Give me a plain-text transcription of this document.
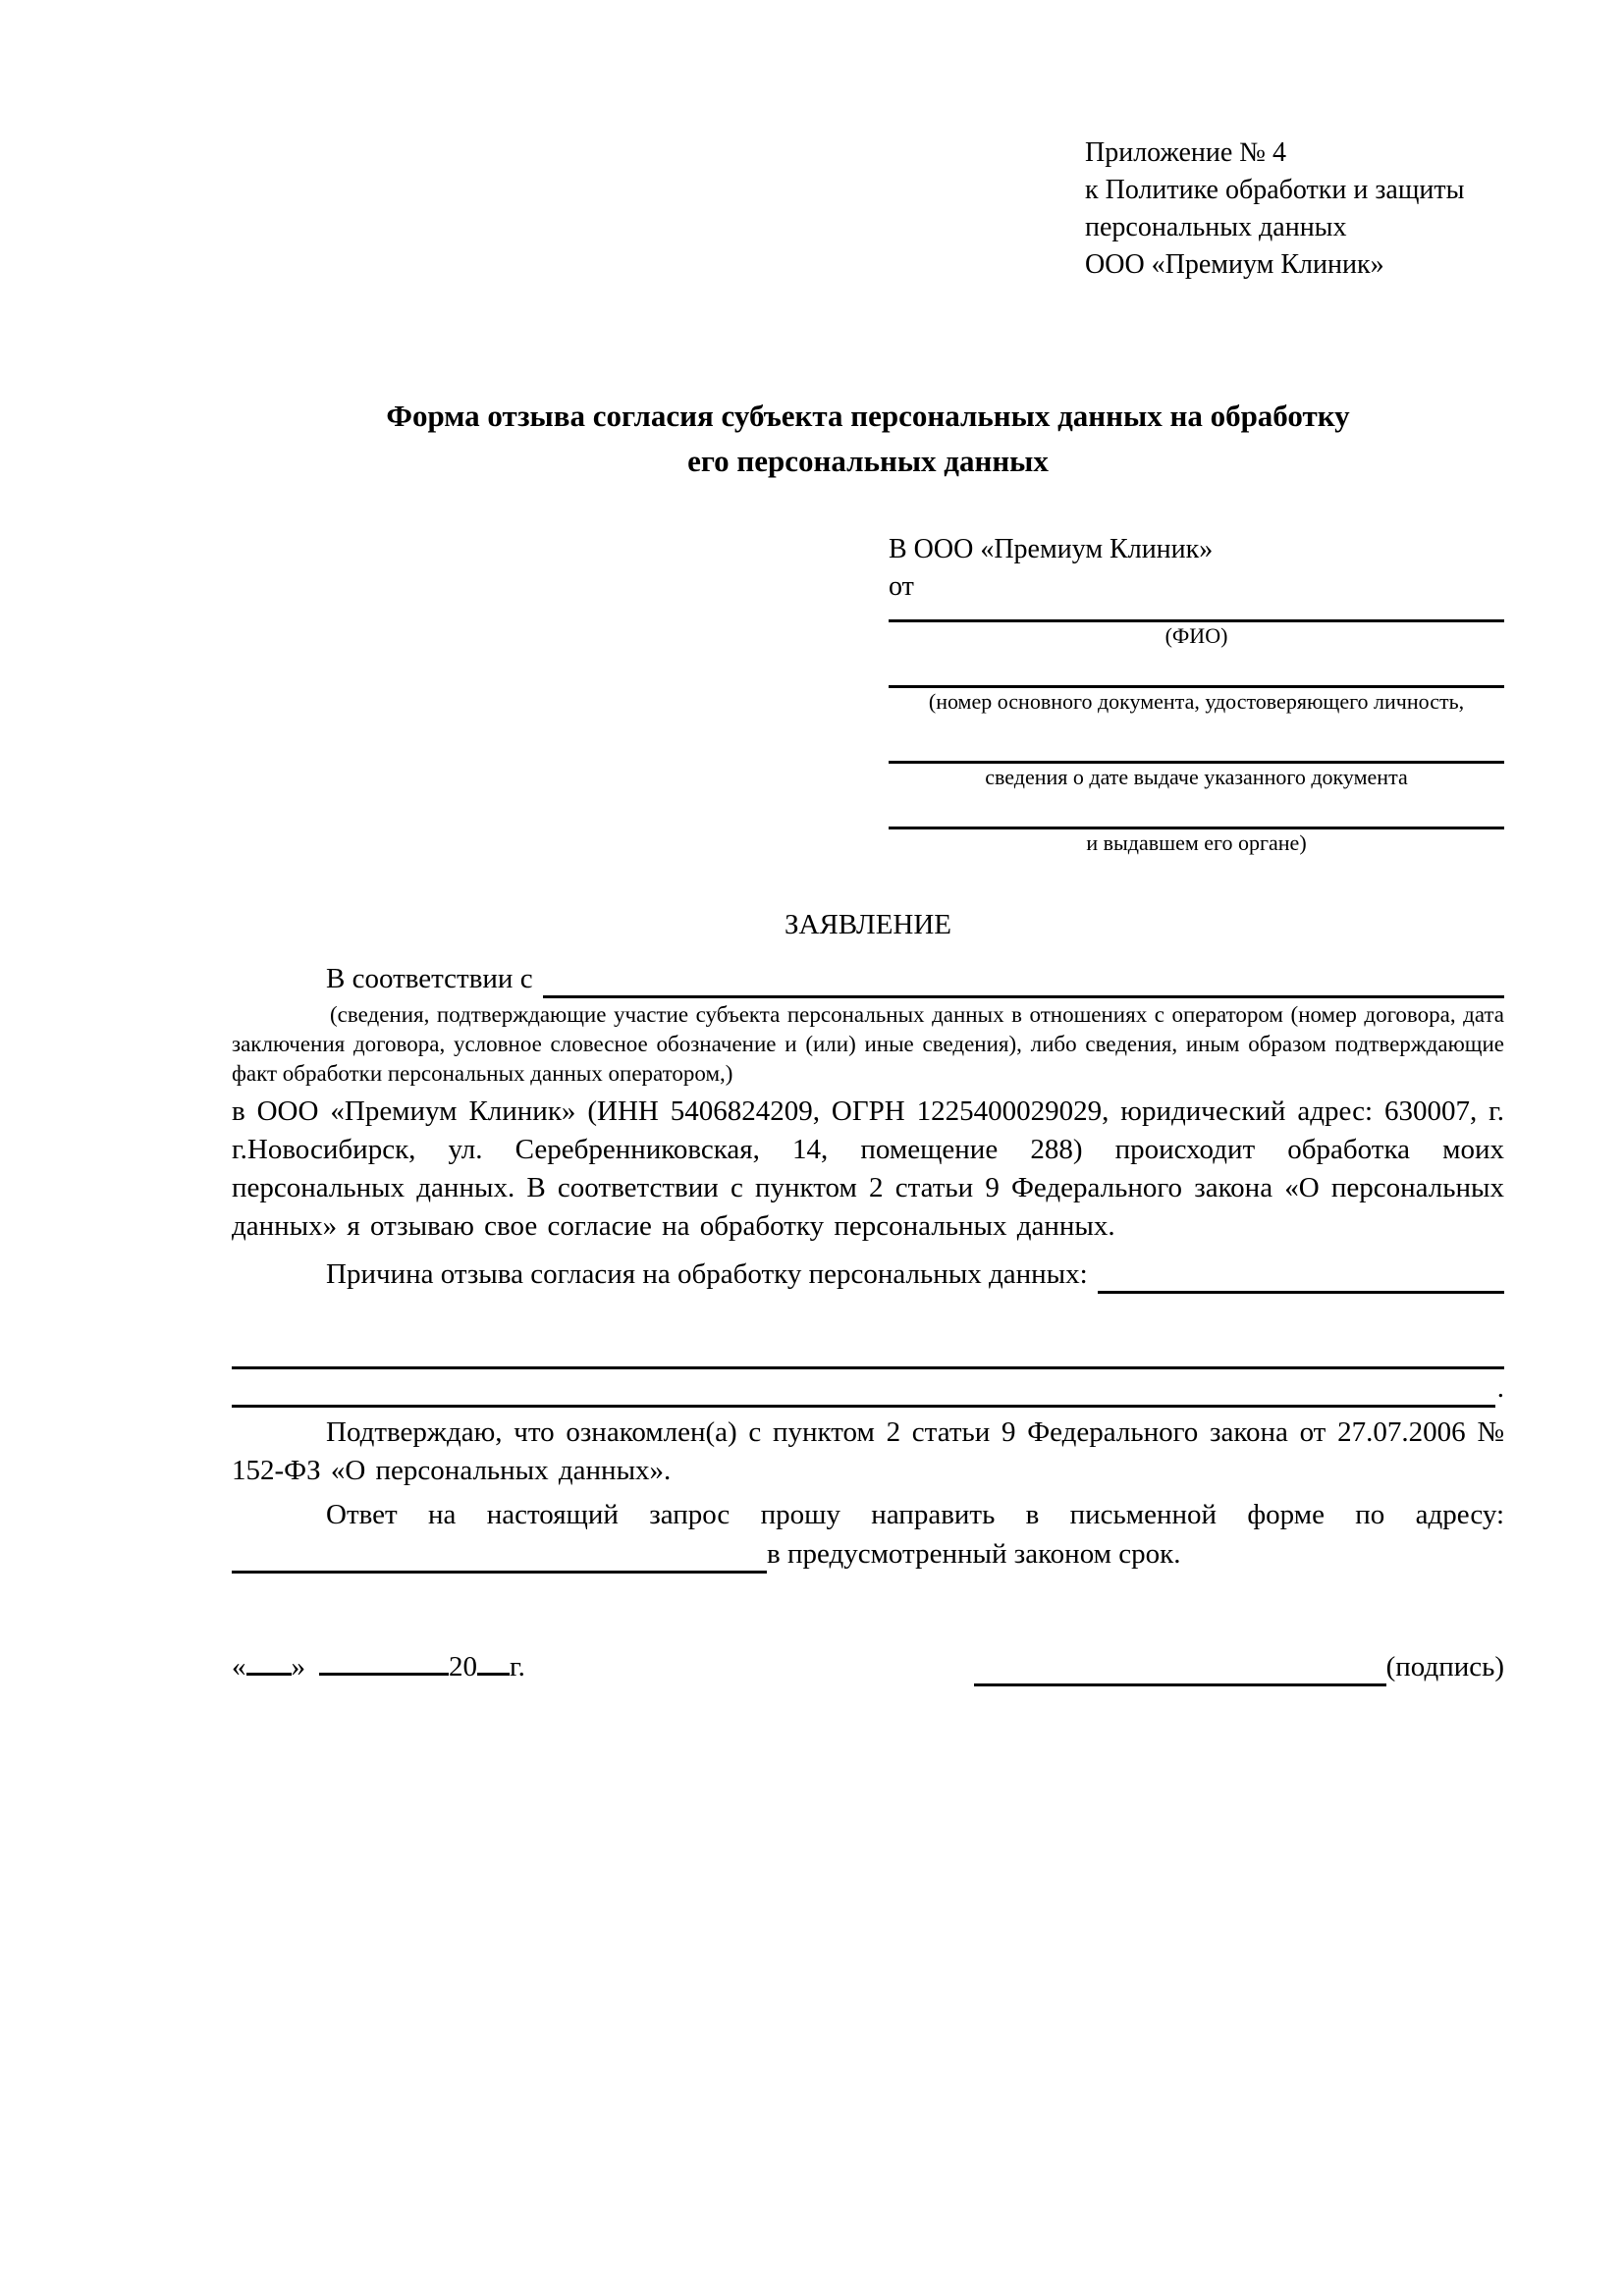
Приложение № 4
к Политике обработки и защиты
персональных данных
ООО «Премиум Клиник»
Форма отзыва согласия субъекта персональных данных на обработку
его персональных данных
В ООО «Премиум Клиник»
от
(ФИО)
(номер основного документа, удостоверяющего личность,
сведения о дате выдаче указанного документа
и выдавшем его органе)
ЗАЯВЛЕНИЕ
В соответствии с

(сведения, подтверждающие участие субъекта персональных данных в отношениях с оператором (номер договора, дата заключения договора, условное словесное обозначение и (или) иные сведения), либо сведения, иным образом подтверждающие факт обработки персональных данных оператором,)

в ООО «Премиум Клиник» (ИНН 5406824209, ОГРН 1225400029029, юридический адрес: 630007, г. г.Новосибирск, ул. Серебренниковская, 14, помещение 288) происходит обработка моих персональных данных. В соответствии с пунктом 2 статьи 9 Федерального закона «О персональных данных» я отзываю свое согласие на обработку персональных данных.

Причина отзыва согласия на обработку персональных данных:
.

Подтверждаю, что ознакомлен(а) с пунктом 2 статьи 9 Федерального закона от 27.07.2006 № 152-ФЗ «О персональных данных».

Ответ на настоящий запрос прошу направить в письменной форме по адресу:

в предусмотренный законом срок.
« »	20 г.	(подпись)
